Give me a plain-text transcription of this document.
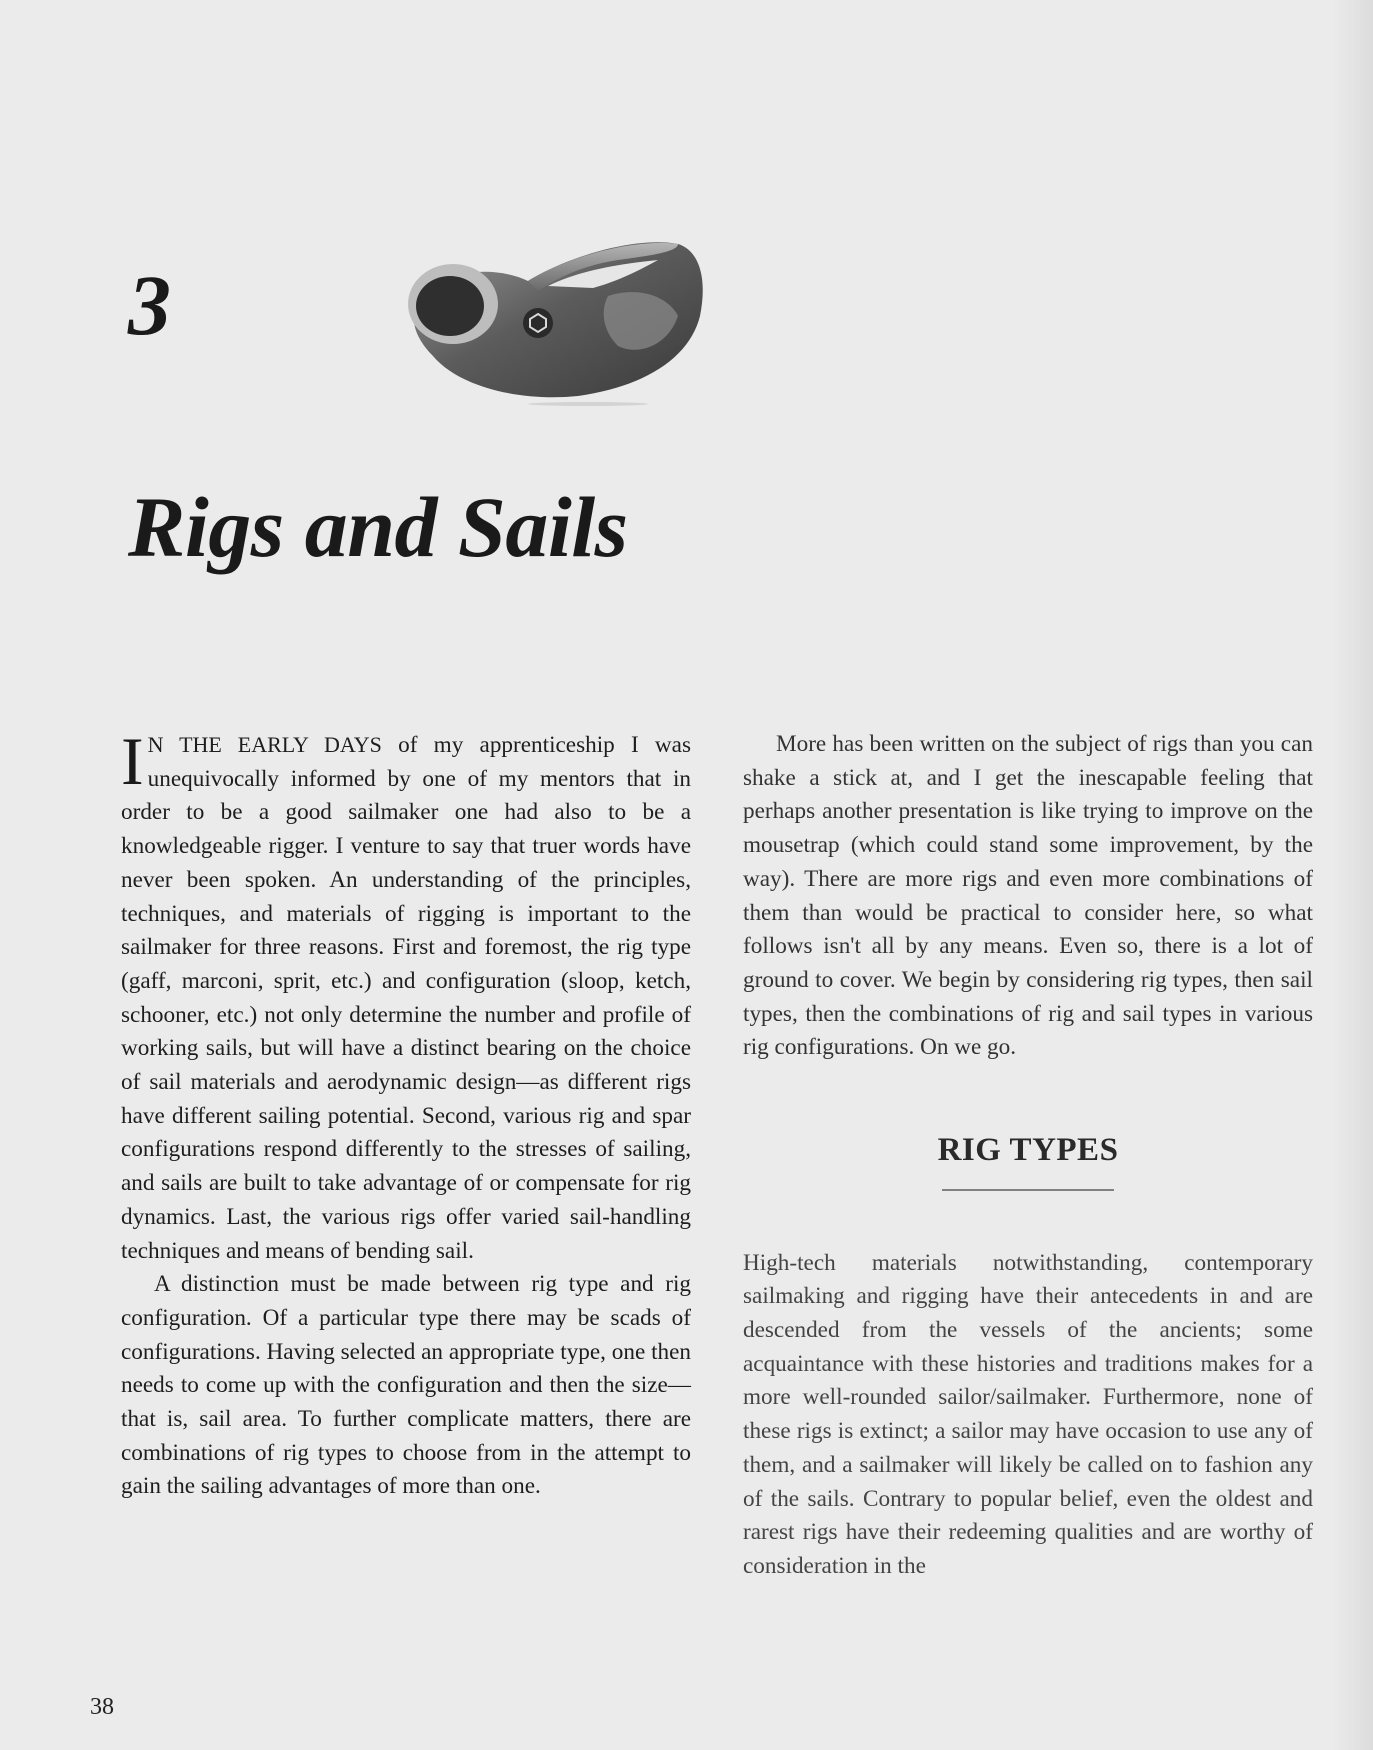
3
Rigs and Sails

I N THE EARLY DAYS of my apprenticeship I was unequivocally informed by one of my mentors that in order to be a good sailmaker one had also to be a knowledgeable rigger. I venture to say that truer words have never been spoken. An understanding of the principles, techniques, and materials of rigging is important to the sailmaker for three reasons. First and foremost, the rig type (gaff, marconi, sprit, etc.) and configuration (sloop, ketch, schooner, etc.) not only determine the number and profile of working sails, but will have a distinct bearing on the choice of sail materials and aerodynamic design—as different rigs have different sailing potential. Second, various rig and spar configurations respond differently to the stresses of sailing, and sails are built to take advantage of or compensate for rig dynamics. Last, the various rigs offer varied sail-handling techniques and means of bending sail.

A distinction must be made between rig type and rig configuration. Of a particular type there may be scads of configurations. Having selected an appropriate type, one then needs to come up with the configuration and then the size—that is, sail area. To further complicate matters, there are combinations of rig types to choose from in the attempt to gain the sailing advantages of more than one.

More has been written on the subject of rigs than you can shake a stick at, and I get the inescapable feeling that perhaps another presentation is like trying to improve on the mousetrap (which could stand some improvement, by the way). There are more rigs and even more combinations of them than would be practical to consider here, so what follows isn't all by any means. Even so, there is a lot of ground to cover. We begin by considering rig types, then sail types, then the combinations of rig and sail types in various rig configurations. On we go.

RIG TYPES

High-tech materials notwithstanding, contemporary sailmaking and rigging have their antecedents in and are descended from the vessels of the ancients; some acquaintance with these histories and traditions makes for a more well-rounded sailor/sailmaker. Furthermore, none of these rigs is extinct; a sailor may have occasion to use any of them, and a sailmaker will likely be called on to fashion any of the sails. Contrary to popular belief, even the oldest and rarest rigs have their redeeming qualities and are worthy of consideration in the

38
